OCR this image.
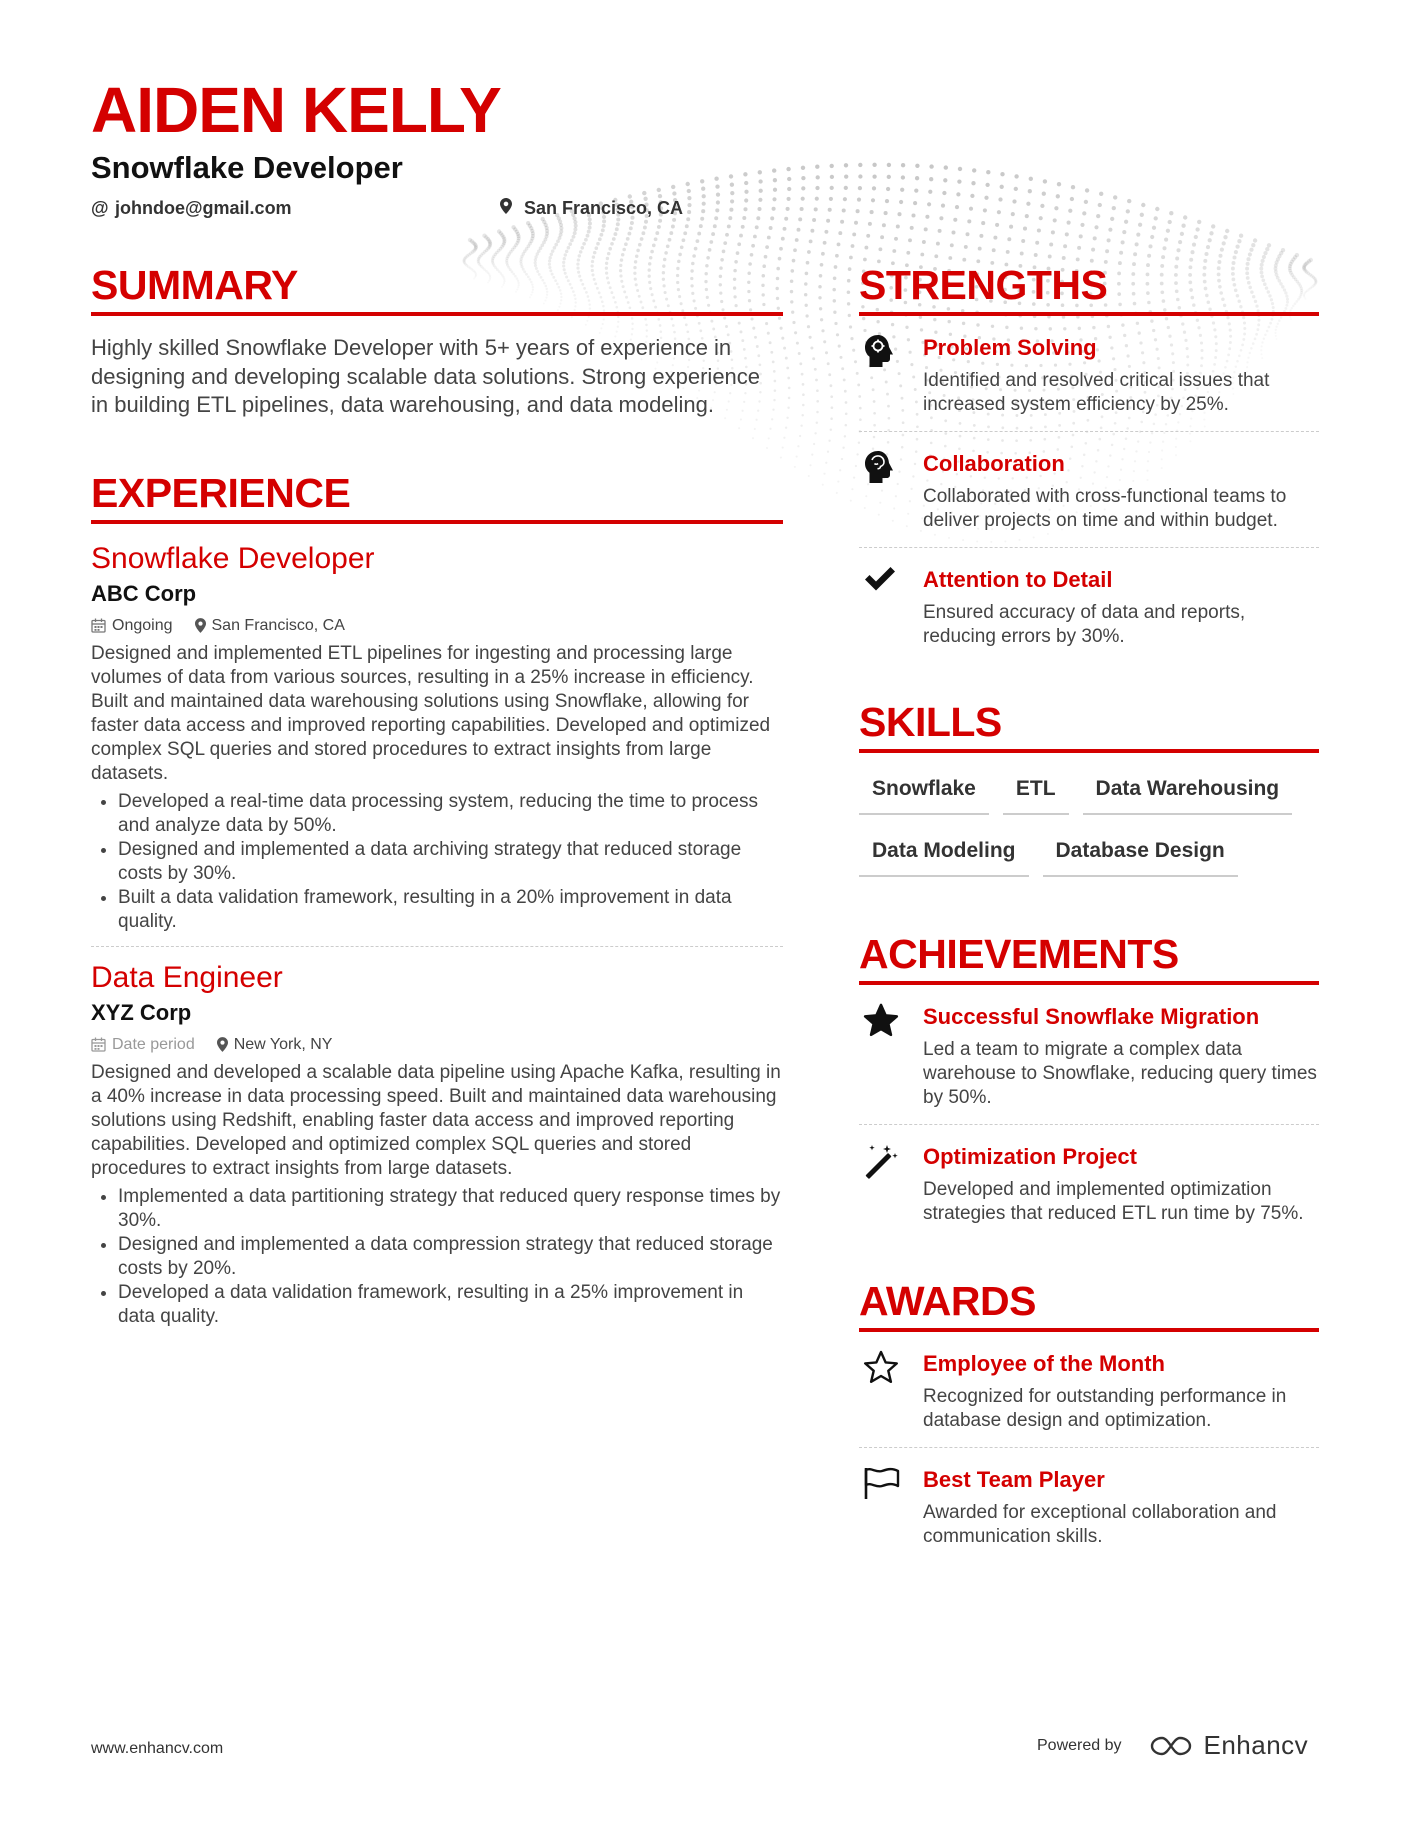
AIDEN KELLY
Snowflake Developer
@ johndoe@gmail.com	San Francisco, CA
SUMMARY
Highly skilled Snowflake Developer with 5+ years of experience in designing and developing scalable data solutions. Strong experience in building ETL pipelines, data warehousing, and data modeling.
EXPERIENCE
Snowflake Developer
ABC Corp
Ongoing San Francisco, CA
Designed and implemented ETL pipelines for ingesting and processing large volumes of data from various sources, resulting in a 25% increase in efficiency. Built and maintained data warehousing solutions using Snowflake, allowing for faster data access and improved reporting capabilities. Developed and optimized complex SQL queries and stored procedures to extract insights from large datasets.
• Developed a real-time data processing system, reducing the time to process and analyze data by 50%.
• Designed and implemented a data archiving strategy that reduced storage costs by 30%.
• Built a data validation framework, resulting in a 20% improvement in data quality.
Data Engineer
XYZ Corp
Date period New York, NY
Designed and developed a scalable data pipeline using Apache Kafka, resulting in a 40% increase in data processing speed. Built and maintained data warehousing solutions using Redshift, enabling faster data access and improved reporting capabilities. Developed and optimized complex SQL queries and stored procedures to extract insights from large datasets.
• Implemented a data partitioning strategy that reduced query response times by 30%.
• Designed and implemented a data compression strategy that reduced storage costs by 20%.
• Developed a data validation framework, resulting in a 25% improvement in data quality.
STRENGTHS
Problem Solving
Identified and resolved critical issues that increased system efficiency by 25%.
Collaboration
Collaborated with cross-functional teams to deliver projects on time and within budget.
Attention to Detail
Ensured accuracy of data and reports, reducing errors by 30%.
SKILLS
Snowflake	ETL	Data Warehousing
Data Modeling	Database Design
ACHIEVEMENTS
Successful Snowflake Migration
Led a team to migrate a complex data warehouse to Snowflake, reducing query times by 50%.
Optimization Project
Developed and implemented optimization strategies that reduced ETL run time by 75%.
AWARDS
Employee of the Month
Recognized for outstanding performance in database design and optimization.
Best Team Player
Awarded for exceptional collaboration and communication skills.
www.enhancv.com	Powered by	Enhancv
